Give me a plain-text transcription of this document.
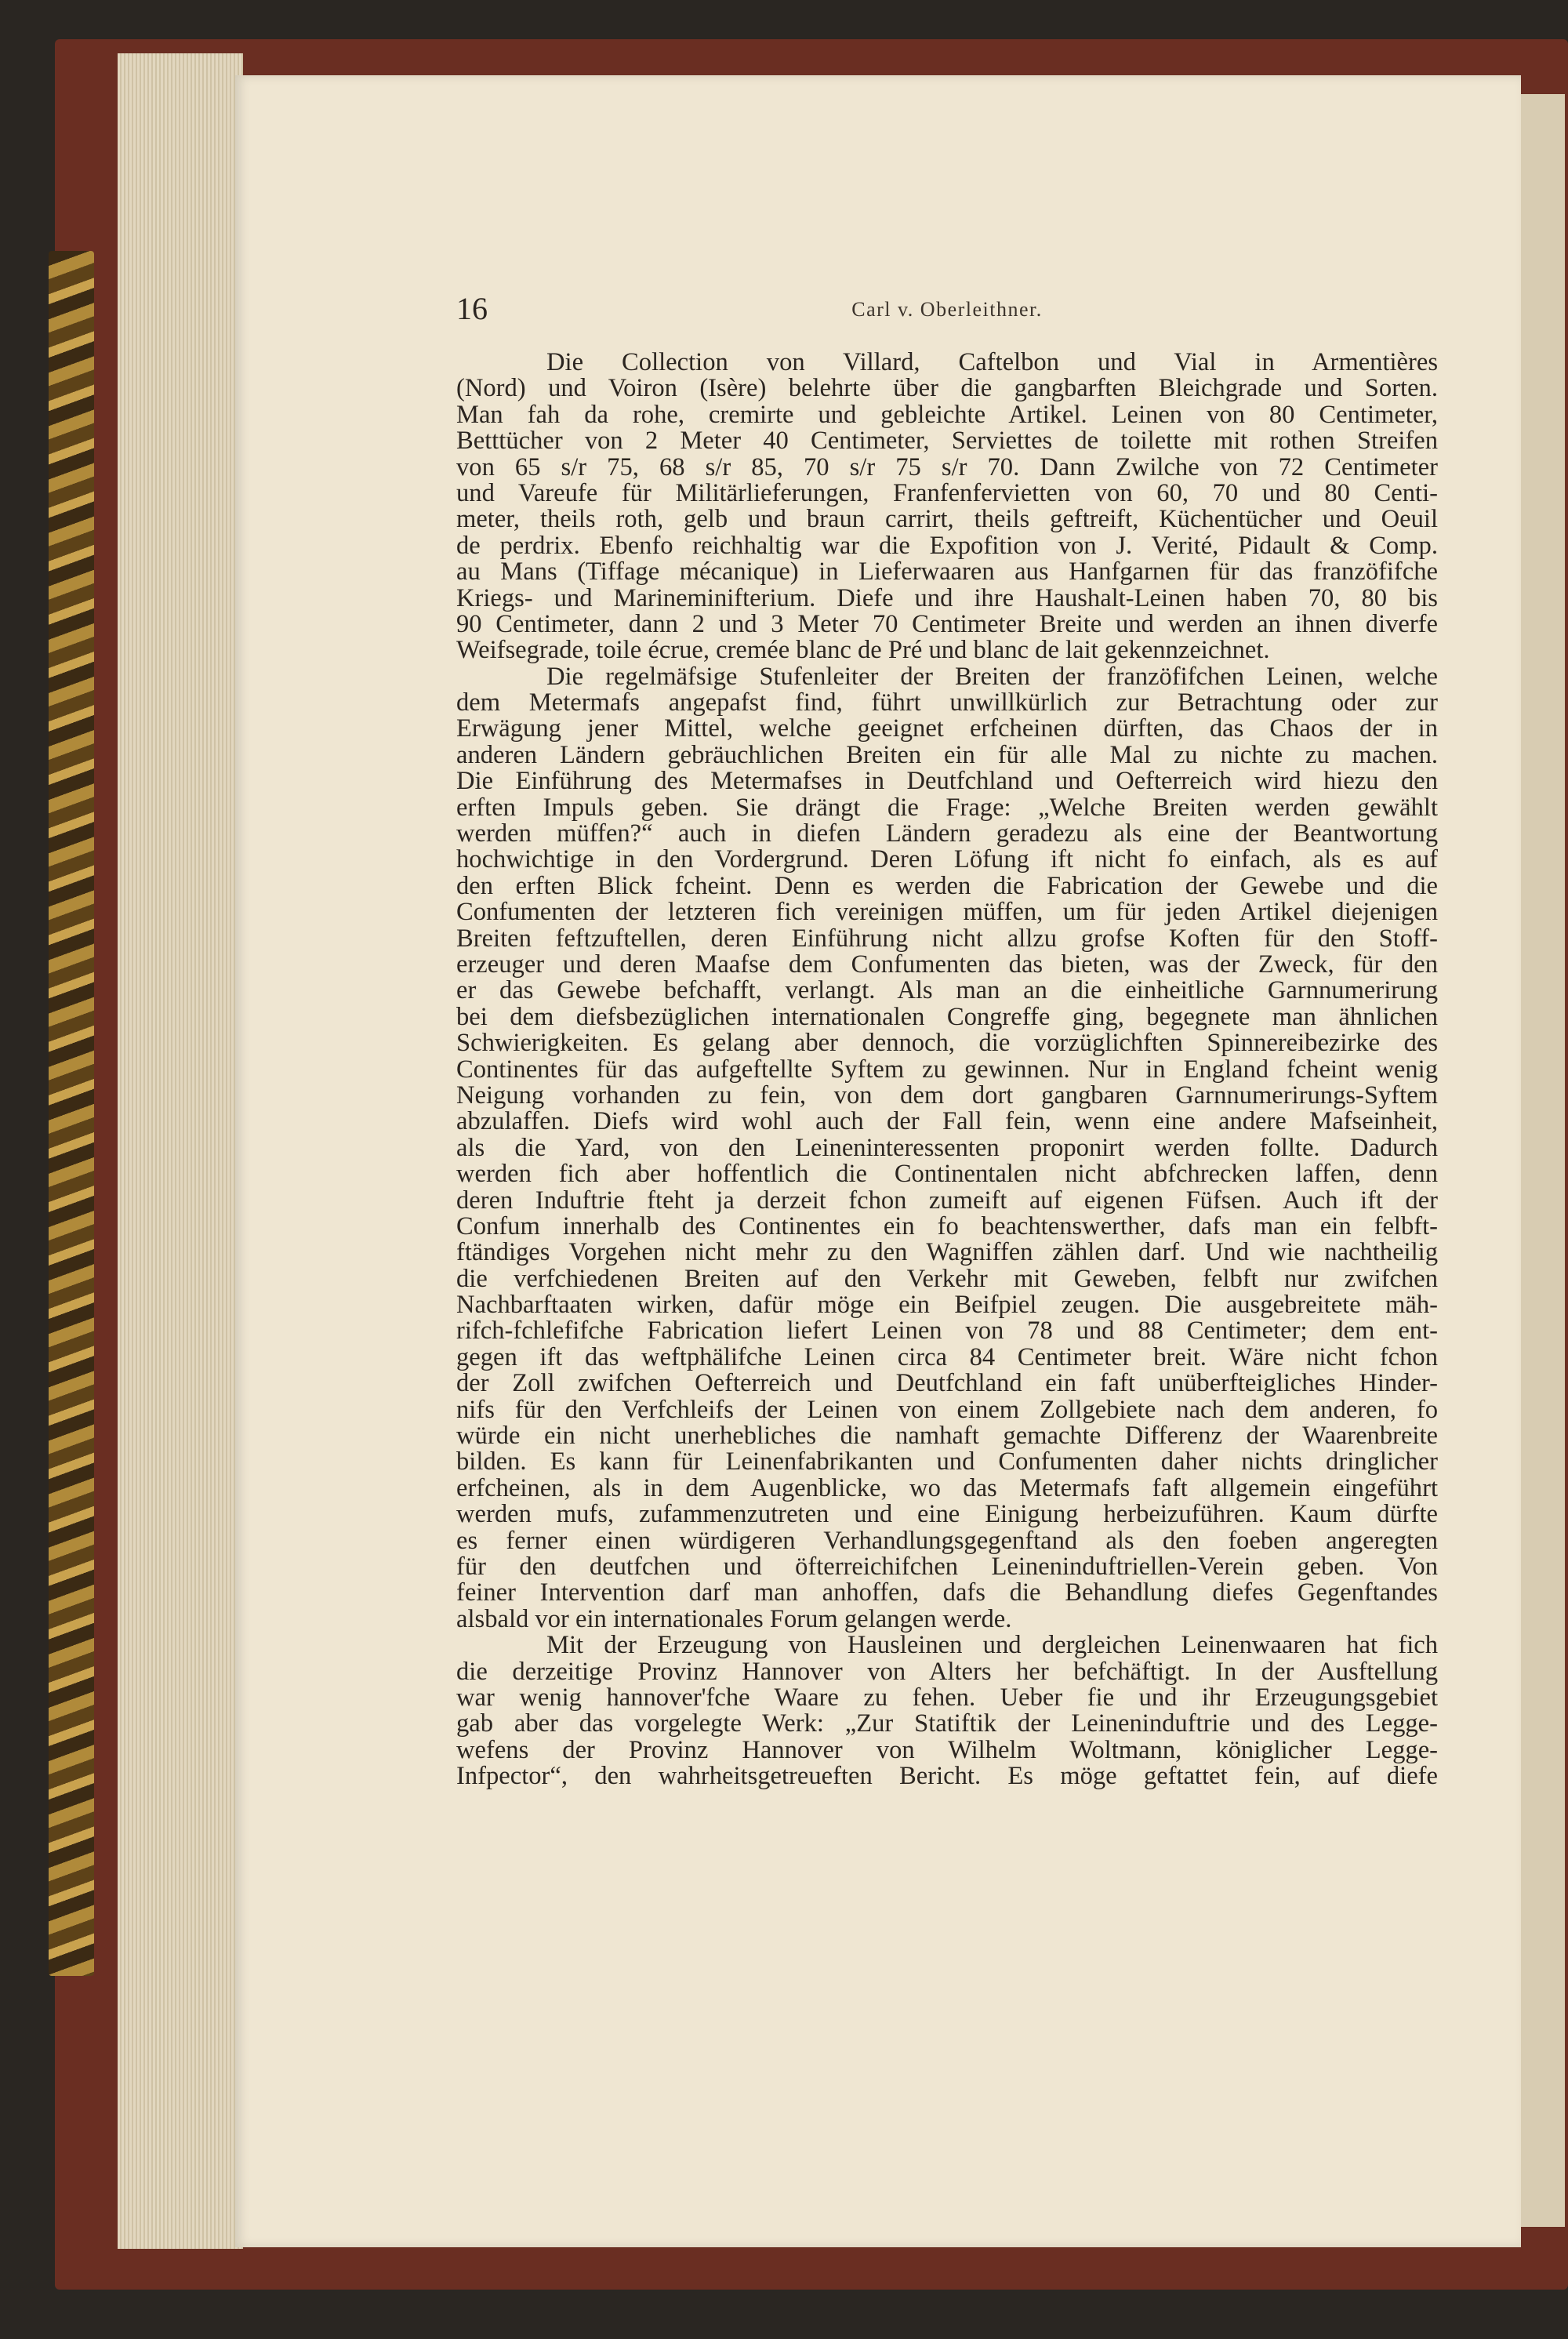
16	Carl v. Oberleithner.
Die Collection von Villard, Caftelbon und Vial in Armentières
(Nord) und Voiron (Isère) belehrte über die gangbarften Bleichgrade und Sorten.
Man fah da rohe, cremirte und gebleichte Artikel. Leinen von 80 Centimeter,
Betttücher von 2 Meter 40 Centimeter, Serviettes de toilette mit rothen Streifen
von 65 s/r 75, 68 s/r 85, 70 s/r 75 s/r 70. Dann Zwilche von 72 Centimeter
und Vareufe für Militärlieferungen, Franfenfervietten von 60, 70 und 80 Centi-
meter, theils roth, gelb und braun carrirt, theils geftreift, Küchentücher und Oeuil
de perdrix. Ebenfo reichhaltig war die Expofition von J. Verité, Pidault & Comp.
au Mans (Tiffage mécanique) in Lieferwaaren aus Hanfgarnen für das franzöfifche
Kriegs- und Marineminifterium. Diefe und ihre Haushalt-Leinen haben 70, 80 bis
90 Centimeter, dann 2 und 3 Meter 70 Centimeter Breite und werden an ihnen diverfe
Weifsegrade, toile écrue, cremée blanc de Pré und blanc de lait gekennzeichnet.
Die regelmäfsige Stufenleiter der Breiten der franzöfifchen Leinen, welche
dem Metermafs angepafst find, führt unwillkürlich zur Betrachtung oder zur
Erwägung jener Mittel, welche geeignet erfcheinen dürften, das Chaos der in
anderen Ländern gebräuchlichen Breiten ein für alle Mal zu nichte zu machen.
Die Einführung des Metermafses in Deutfchland und Oefterreich wird hiezu den
erften Impuls geben. Sie drängt die Frage: „Welche Breiten werden gewählt
werden müffen?“ auch in diefen Ländern geradezu als eine der Beantwortung
hochwichtige in den Vordergrund. Deren Löfung ift nicht fo einfach, als es auf
den erften Blick fcheint. Denn es werden die Fabrication der Gewebe und die
Confumenten der letzteren fich vereinigen müffen, um für jeden Artikel diejenigen
Breiten feftzuftellen, deren Einführung nicht allzu grofse Koften für den Stoff-
erzeuger und deren Maafse dem Confumenten das bieten, was der Zweck, für den
er das Gewebe befchafft, verlangt. Als man an die einheitliche Garnnumerirung
bei dem diefsbezüglichen internationalen Congreffe ging, begegnete man ähnlichen
Schwierigkeiten. Es gelang aber dennoch, die vorzüglichften Spinnereibezirke des
Continentes für das aufgeftellte Syftem zu gewinnen. Nur in England fcheint wenig
Neigung vorhanden zu fein, von dem dort gangbaren Garnnumerirungs-Syftem
abzulaffen. Diefs wird wohl auch der Fall fein, wenn eine andere Mafseinheit,
als die Yard, von den Leineninteressenten proponirt werden follte. Dadurch
werden fich aber hoffentlich die Continentalen nicht abfchrecken laffen, denn
deren Induftrie fteht ja derzeit fchon zumeift auf eigenen Füfsen. Auch ift der
Confum innerhalb des Continentes ein fo beachtenswerther, dafs man ein felbft-
ftändiges Vorgehen nicht mehr zu den Wagniffen zählen darf. Und wie nachtheilig
die verfchiedenen Breiten auf den Verkehr mit Geweben, felbft nur zwifchen
Nachbarftaaten wirken, dafür möge ein Beifpiel zeugen. Die ausgebreitete mäh-
rifch-fchlefifche Fabrication liefert Leinen von 78 und 88 Centimeter; dem ent-
gegen ift das weftphälifche Leinen circa 84 Centimeter breit. Wäre nicht fchon
der Zoll zwifchen Oefterreich und Deutfchland ein faft unüberfteigliches Hinder-
nifs für den Verfchleifs der Leinen von einem Zollgebiete nach dem anderen, fo
würde ein nicht unerhebliches die namhaft gemachte Differenz der Waarenbreite
bilden. Es kann für Leinenfabrikanten und Confumenten daher nichts dringlicher
erfcheinen, als in dem Augenblicke, wo das Metermafs faft allgemein eingeführt
werden mufs, zufammenzutreten und eine Einigung herbeizuführen. Kaum dürfte
es ferner einen würdigeren Verhandlungsgegenftand als den foeben angeregten
für den deutfchen und öfterreichifchen Leineninduftriellen-Verein geben. Von
feiner Intervention darf man anhoffen, dafs die Behandlung diefes Gegenftandes
alsbald vor ein internationales Forum gelangen werde.
Mit der Erzeugung von Hausleinen und dergleichen Leinenwaaren hat fich
die derzeitige Provinz Hannover von Alters her befchäftigt. In der Ausftellung
war wenig hannover'fche Waare zu fehen. Ueber fie und ihr Erzeugungsgebiet
gab aber das vorgelegte Werk: „Zur Statiftik der Leineninduftrie und des Legge-
wefens der Provinz Hannover von Wilhelm Woltmann, königlicher Legge-
Infpector“, den wahrheitsgetreueften Bericht. Es möge geftattet fein, auf diefe
